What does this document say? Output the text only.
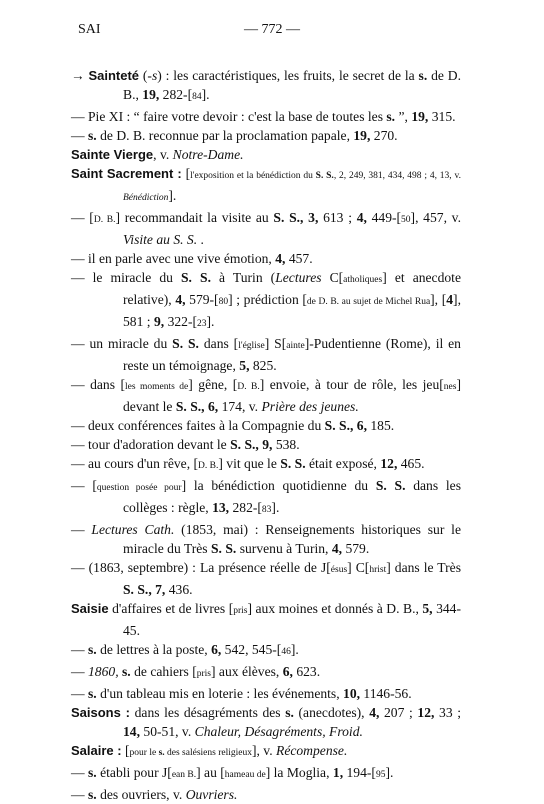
SAI	— 772 —

→ Sainteté (-s) : les caractéristiques, les fruits, le secret de la s. de D. B., 19, 282-[84].

— Pie XI : “ faire votre devoir : c'est la base de toutes les s. ”, 19, 315.

— s. de D. B. reconnue par la proclamation papale, 19, 270.

Sainte Vierge, v. Notre-Dame.

Saint Sacrement : [l'exposition et la bénédiction du S. S., 2, 249, 381, 434, 498 ; 4, 13, v. Bénédiction].

— [D. B.] recommandait la visite au S. S., 3, 613 ; 4, 449-[50], 457, v. Visite au S. S. .

— il en parle avec une vive émotion, 4, 457.

— le miracle du S. S. à Turin (Lectures C[atholiques] et anecdote relative), 4, 579-[80] ; prédiction [de D. B. au sujet de Michel Rua], [4], 581 ; 9, 322-[23].

— un miracle du S. S. dans [l'église] S[ainte]-Pudentienne (Rome), il en reste un témoignage, 5, 825.

— dans [les moments de] gêne, [D. B.] envoie, à tour de rôle, les jeu[nes] devant le S. S., 6, 174, v. Prière des jeunes.

— deux conférences faites à la Compagnie du S. S., 6, 185.

— tour d'adoration devant le S. S., 9, 538.

— au cours d'un rêve, [D. B.] vit que le S. S. était exposé, 12, 465.

— [question posée pour] la bénédiction quotidienne du S. S. dans les collèges : règle, 13, 282-[83].

— Lectures Cath. (1853, mai) : Renseignements historiques sur le miracle du Très S. S. survenu à Turin, 4, 579.

— (1863, septembre) : La présence réelle de J[ésus] C[hrist] dans le Très S. S., 7, 436.

Saisie d'affaires et de livres [pris] aux moines et donnés à D. B., 5, 344-45.

— s. de lettres à la poste, 6, 542, 545-[46].

— 1860, s. de cahiers [pris] aux élèves, 6, 623.

— s. d'un tableau mis en loterie : les événements, 10, 1146-56.

Saisons : dans les désagréments des s. (anecdotes), 4, 207 ; 12, 33 ; 14, 50-51, v. Chaleur, Désagréments, Froid.

Salaire : [pour le s. des salésiens religieux], v. Récompense.

— s. établi pour J[ean B.] au [hameau de] la Moglia, 1, 194-[95].

— s. des ouvriers, v. Ouvriers.
